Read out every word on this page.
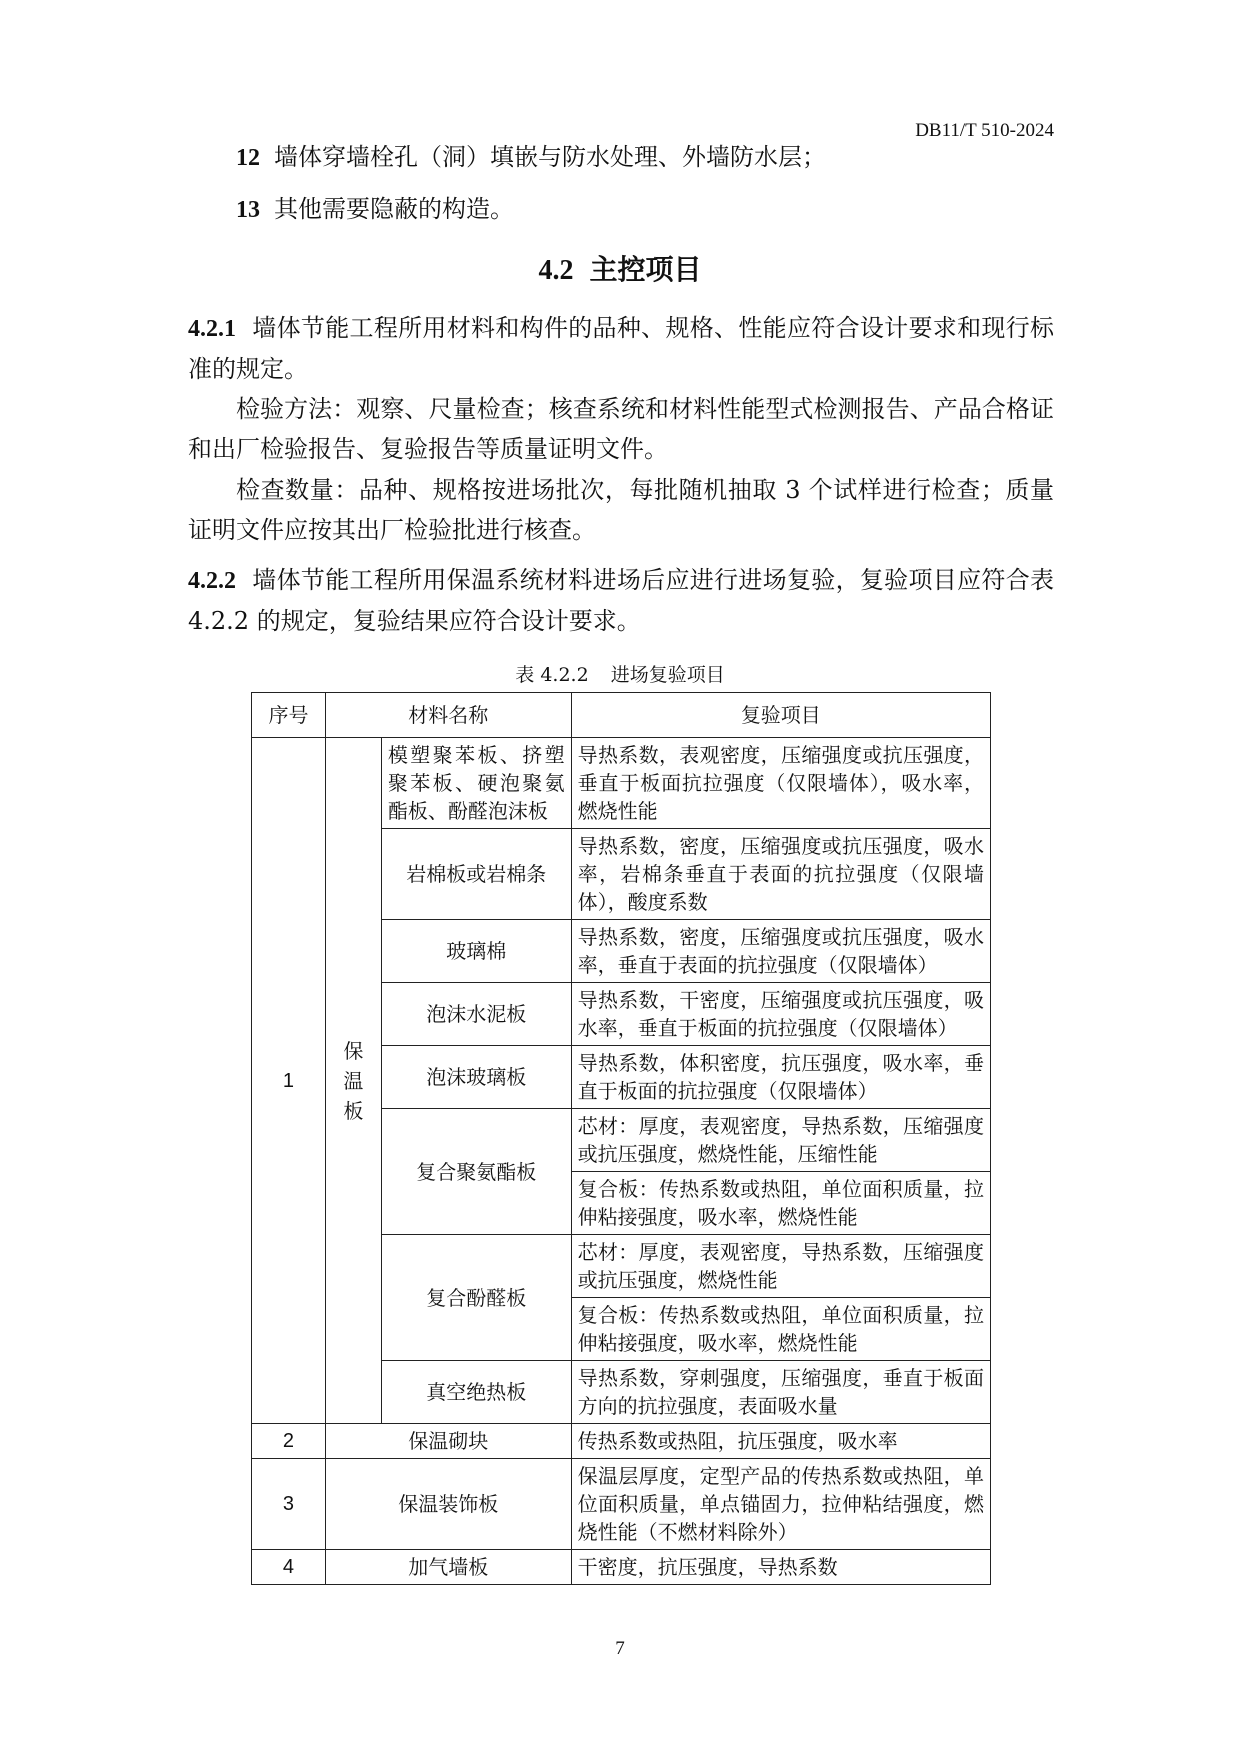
DB11/T 510-2024
12 墙体穿墙栓孔（洞）填嵌与防水处理、外墙防水层；
13 其他需要隐蔽的构造。
4.2 主控项目
4.2.1 墙体节能工程所用材料和构件的品种、规格、性能应符合设计要求和现行标准的规定。
检验方法：观察、尺量检查；核查系统和材料性能型式检测报告、产品合格证和出厂检验报告、复验报告等质量证明文件。
检查数量：品种、规格按进场批次，每批随机抽取 3 个试样进行检查；质量证明文件应按其出厂检验批进行核查。
4.2.2 墙体节能工程所用保温系统材料进场后应进行进场复验，复验项目应符合表 4.2.2 的规定，复验结果应符合设计要求。
表 4.2.2 进场复验项目
序号	材料名称		复验项目
1	保温板	模塑聚苯板、挤塑聚苯板、硬泡聚氨酯板、酚醛泡沫板	导热系数，表观密度，压缩强度或抗压强度，垂直于板面抗拉强度（仅限墙体），吸水率，燃烧性能
		岩棉板或岩棉条	导热系数，密度，压缩强度或抗压强度，吸水率，岩棉条垂直于表面的抗拉强度（仅限墙体），酸度系数
		玻璃棉	导热系数，密度，压缩强度或抗压强度，吸水率，垂直于表面的抗拉强度（仅限墙体）
		泡沫水泥板	导热系数，干密度，压缩强度或抗压强度，吸水率，垂直于板面的抗拉强度（仅限墙体）
		泡沫玻璃板	导热系数，体积密度，抗压强度，吸水率，垂直于板面的抗拉强度（仅限墙体）
		复合聚氨酯板	芯材：厚度，表观密度，导热系数，压缩强度或抗压强度，燃烧性能，压缩性能
			复合板：传热系数或热阻，单位面积质量，拉伸粘接强度，吸水率，燃烧性能
		复合酚醛板	芯材：厚度，表观密度，导热系数，压缩强度或抗压强度，燃烧性能
			复合板：传热系数或热阻，单位面积质量，拉伸粘接强度，吸水率，燃烧性能
		真空绝热板	导热系数，穿刺强度，压缩强度，垂直于板面方向的抗拉强度，表面吸水量
2	保温砌块		传热系数或热阻，抗压强度，吸水率
3	保温装饰板		保温层厚度，定型产品的传热系数或热阻，单位面积质量，单点锚固力，拉伸粘结强度，燃烧性能（不燃材料除外）
4	加气墙板		干密度，抗压强度，导热系数
7
